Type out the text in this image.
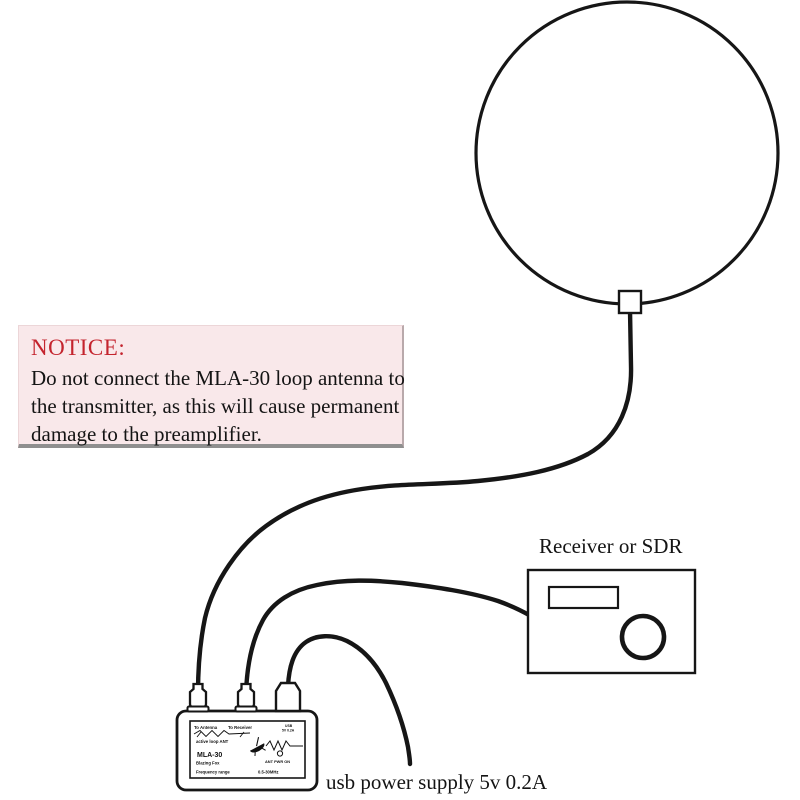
To Antenna	To Receiver	USB
5V 0.2A
active loop ANT
MLA-30
Blazing Fox	ANT PWR ON
Frequency range	0.5-30MHz
NOTICE:
Do not connect the MLA-30 loop antenna to
the transmitter, as this will cause permanent
damage to the preamplifier.
Receiver or SDR
usb power supply 5v 0.2A
